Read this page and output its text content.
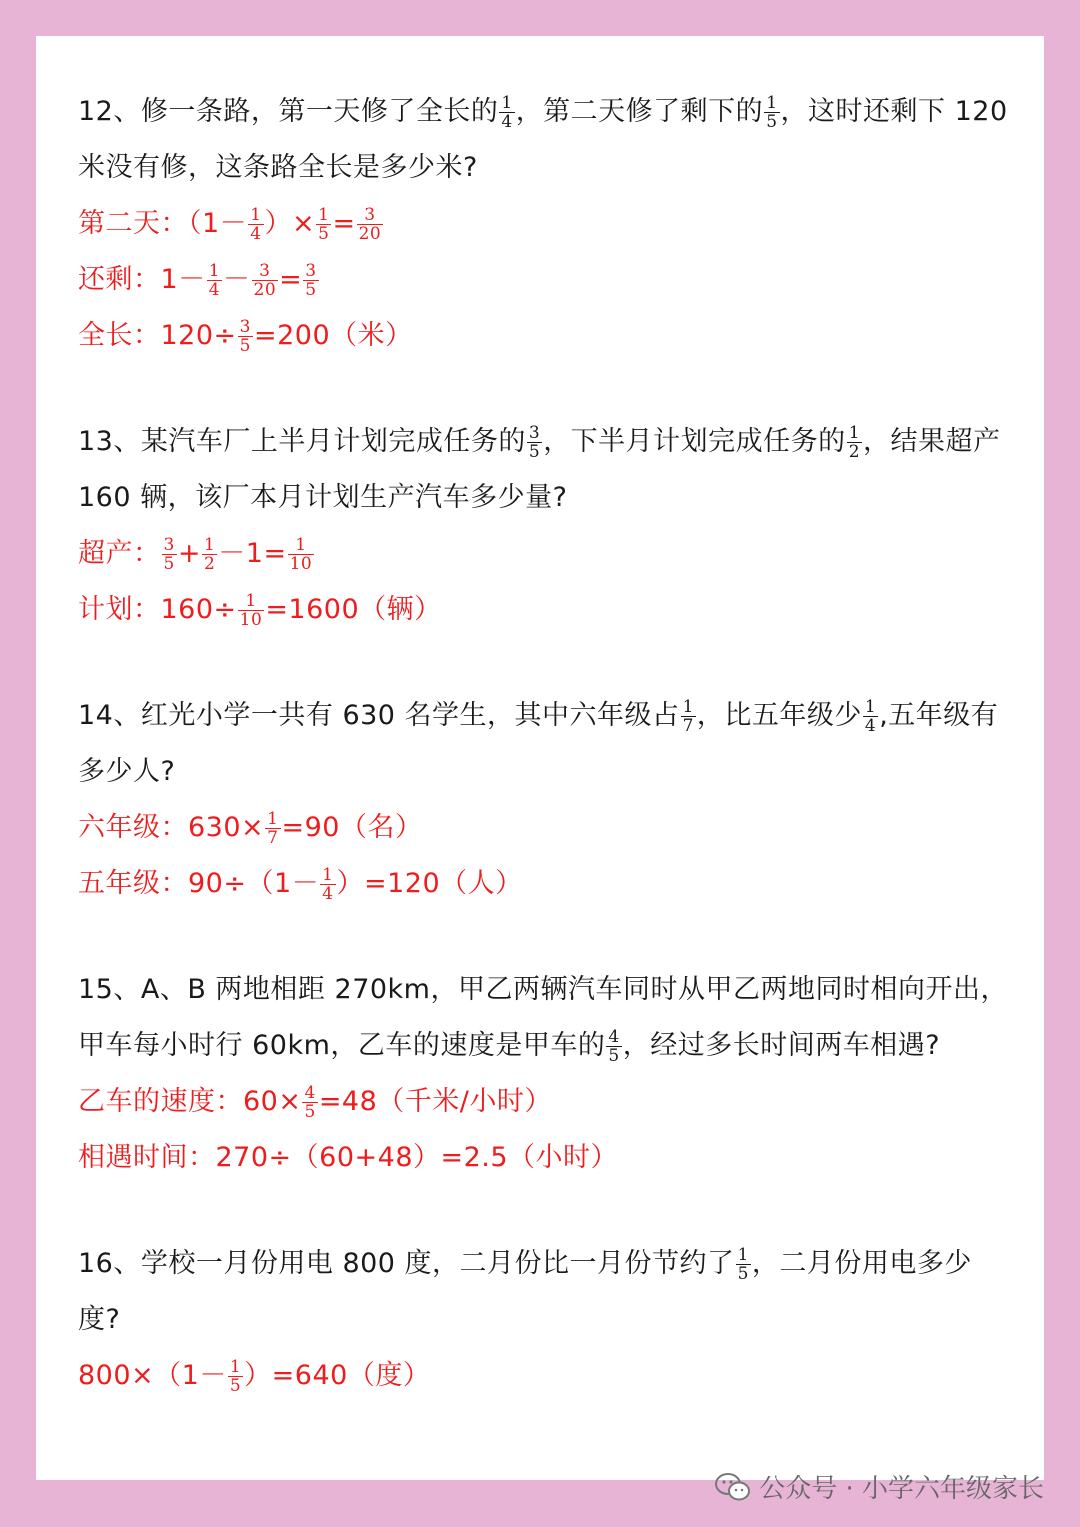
12、修一条路，第一天修了全长的 $\frac{1}{4}$ ，第二天修了剩下的 $\frac{1}{5}$ ，这时还剩下 120 米没有修，这条路全长是多少米?
第二天：（$1- \frac{1}{4}$ ）× $\frac{1}{5} = \frac{3}{20}$
还剩：$1- \frac{1}{4} - \frac{3}{20} = \frac{3}{5}$
全长：$120\div \frac{3}{5} =200$（米）
13、某汽车厂上半月计划完成任务的 $\frac{3}{5}$ ，下半月计划完成任务的 $\frac{1}{2}$ ，结果超产 160 辆，该厂本月计划生产汽车多少量?
超产： $\frac{3}{5} + \frac{1}{2} -1= \frac{1}{10}$
计划：$160\div \frac{1}{10} =1600$（辆）
14、红光小学一共有 630 名学生，其中六年级占 $\frac{1}{7}$ ，比五年级少 $\frac{1}{4}$ ,五年级有多少人?
六年级：$630\times \frac{1}{7} =90$（名）
五年级：$90\div(1- \frac{1}{4} )=120$（人）
15、A、B 两地相距 270km，甲乙两辆汽车同时从甲乙两地同时相向开出，甲车每小时行 60km，乙车的速度是甲车的 $\frac{4}{5}$ ，经过多长时间两车相遇?
乙车的速度：$60\times \frac{4}{5} =48$（千米/小时）
相遇时间：270÷（60+48）=2.5（小时）
16、学校一月份用电 800 度，二月份比一月份节约了 $\frac{1}{5}$ ，二月份用电多少度?
$800\times(1- \frac{1}{5} )=640$（度）
公众号 · 小学六年级家长
